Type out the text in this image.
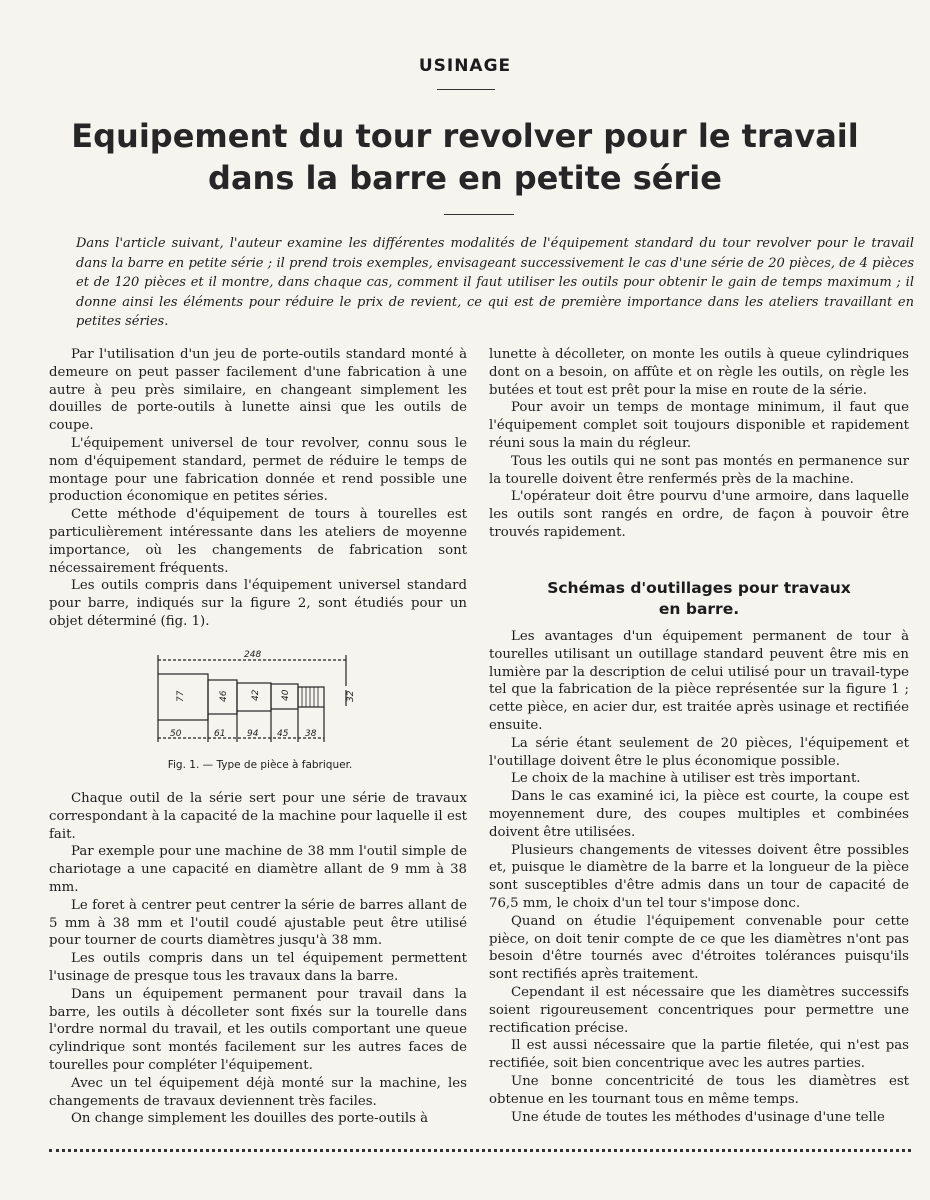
USINAGE
Equipement du tour revolver pour le travail
dans la barre en petite série
Dans l'article suivant, l'auteur examine les différentes modalités de l'équipement standard du tour revolver pour le travail dans la barre en petite série ; il prend trois exemples, envisageant successivement le cas d'une série de 20 pièces, de 4 pièces et de 120 pièces et il montre, dans chaque cas, comment il faut utiliser les outils pour obtenir le gain de temps maximum ; il donne ainsi les éléments pour réduire le prix de revient, ce qui est de première importance dans les ateliers travaillant en petites séries.

Par l'utilisation d'un jeu de porte-outils standard monté à demeure on peut passer facilement d'une fabrication à une autre à peu près similaire, en changeant simplement les douilles de porte-outils à lunette ainsi que les outils de coupe.

L'équipement universel de tour revolver, connu sous le nom d'équipement standard, permet de réduire le temps de montage pour une fabrication donnée et rend possible une production économique en petites séries.

Cette méthode d'équipement de tours à tourelles est particulièrement intéressante dans les ateliers de moyenne importance, où les changements de fabrication sont nécessairement fréquents.

Les outils compris dans l'équipement universel standard pour barre, indiqués sur la figure 2, sont étudiés pour un objet déterminé (fig. 1).

248
77	46 42 40	32
50	61 94 45 38
Fig. 1. — Type de pièce à fabriquer.

Chaque outil de la série sert pour une série de travaux correspondant à la capacité de la machine pour laquelle il est fait.

Par exemple pour une machine de 38 mm l'outil simple de chariotage a une capacité en diamètre allant de 9 mm à 38 mm.

Le foret à centrer peut centrer la série de barres allant de 5 mm à 38 mm et l'outil coudé ajustable peut être utilisé pour tourner de courts diamètres jusqu'à 38 mm.

Les outils compris dans un tel équipement permettent l'usinage de presque tous les travaux dans la barre.

Dans un équipement permanent pour travail dans la barre, les outils à décolleter sont fixés sur la tourelle dans l'ordre normal du travail, et les outils comportant une queue cylindrique sont montés facilement sur les autres faces de tourelles pour compléter l'équipement.

Avec un tel équipement déjà monté sur la machine, les changements de travaux deviennent très faciles.

On change simplement les douilles des porte-outils à

lunette à décolleter, on monte les outils à queue cylindriques dont on a besoin, on affûte et on règle les outils, on règle les butées et tout est prêt pour la mise en route de la série.

Pour avoir un temps de montage minimum, il faut que l'équipement complet soit toujours disponible et rapidement réuni sous la main du régleur.

Tous les outils qui ne sont pas montés en permanence sur la tourelle doivent être renfermés près de la machine.

L'opérateur doit être pourvu d'une armoire, dans laquelle les outils sont rangés en ordre, de façon à pouvoir être trouvés rapidement.

Schémas d'outillages pour travaux
en barre.

Les avantages d'un équipement permanent de tour à tourelles utilisant un outillage standard peuvent être mis en lumière par la description de celui utilisé pour un travail-type tel que la fabrication de la pièce représentée sur la figure 1 ; cette pièce, en acier dur, est traitée après usinage et rectifiée ensuite.

La série étant seulement de 20 pièces, l'équipement et l'outillage doivent être le plus économique possible.

Le choix de la machine à utiliser est très important.

Dans le cas examiné ici, la pièce est courte, la coupe est moyennement dure, des coupes multiples et combinées doivent être utilisées.

Plusieurs changements de vitesses doivent être possibles et, puisque le diamètre de la barre et la longueur de la pièce sont susceptibles d'être admis dans un tour de capacité de 76,5 mm, le choix d'un tel tour s'impose donc.

Quand on étudie l'équipement convenable pour cette pièce, on doit tenir compte de ce que les diamètres n'ont pas besoin d'être tournés avec d'étroites tolérances puisqu'ils sont rectifiés après traitement.

Cependant il est nécessaire que les diamètres successifs soient rigoureusement concentriques pour permettre une rectification précise.

Il est aussi nécessaire que la partie filetée, qui n'est pas rectifiée, soit bien concentrique avec les autres parties.

Une bonne concentricité de tous les diamètres est obtenue en les tournant tous en même temps.

Une étude de toutes les méthodes d'usinage d'une telle
